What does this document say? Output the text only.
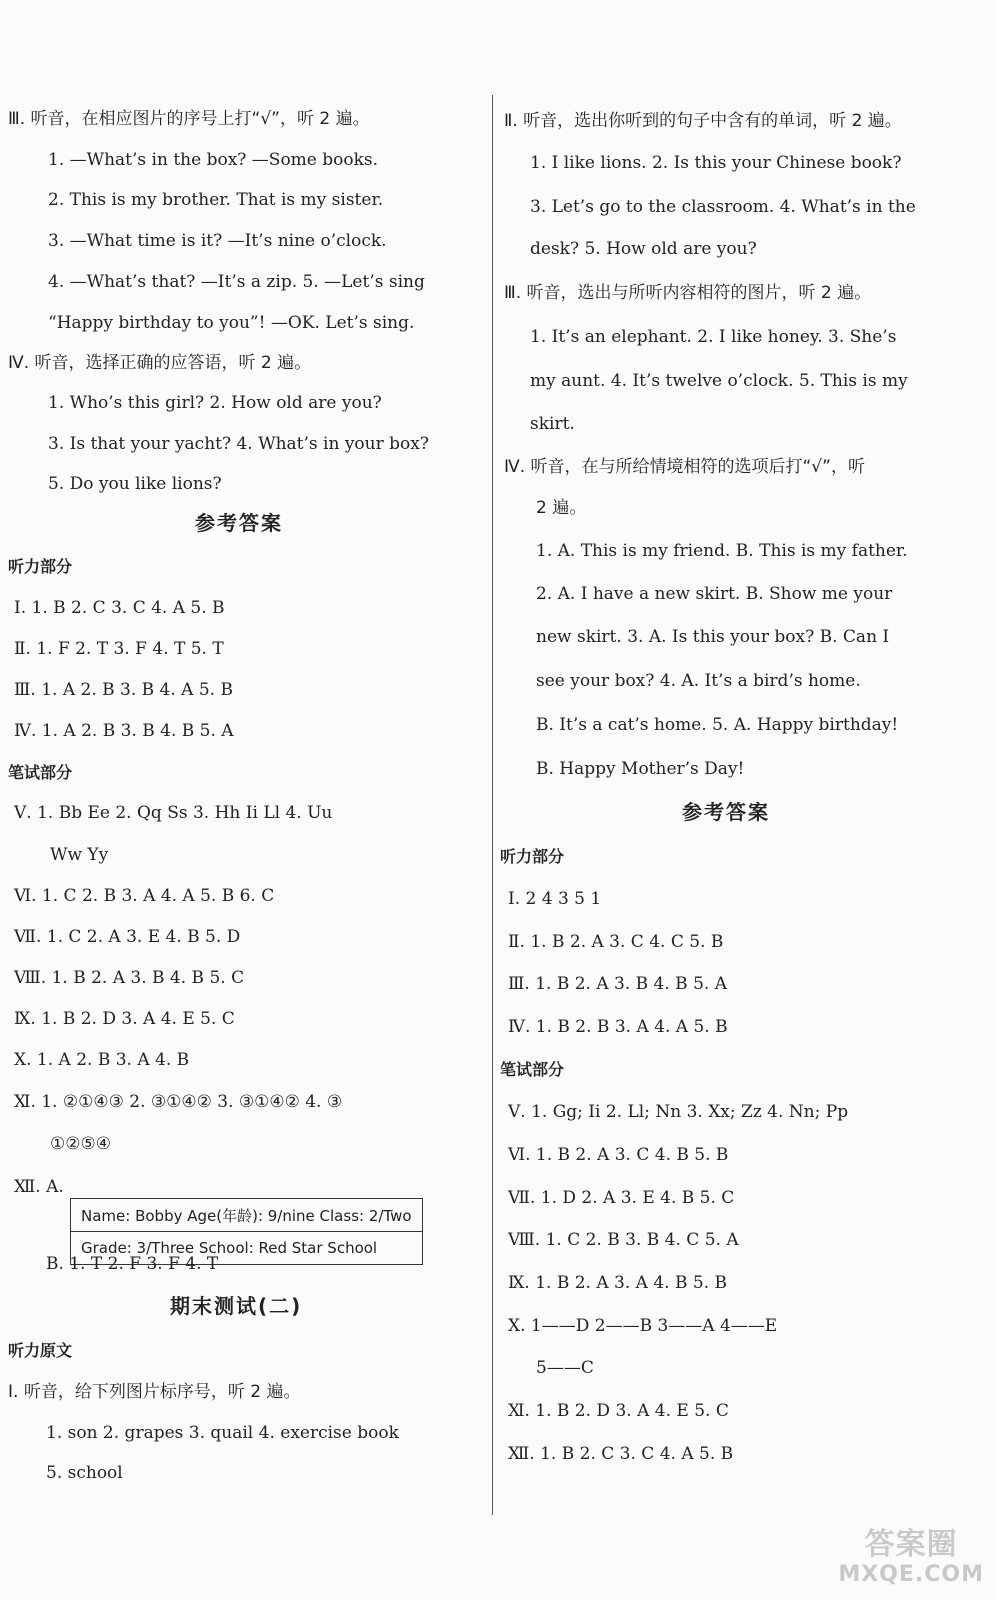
Ⅲ. 听音，在相应图片的序号上打“√”，听 2 遍。
1. —What’s in the box? —Some books.
2. This is my brother. That is my sister.
3. —What time is it? —It’s nine o’clock.
4. —What’s that? —It’s a zip. 5. —Let’s sing
“Happy birthday to you”! —OK. Let’s sing.
Ⅳ. 听音，选择正确的应答语，听 2 遍。
1. Who’s this girl? 2. How old are you?
3. Is that your yacht? 4. What’s in your box?
5. Do you like lions?
参考答案
听力部分
Ⅰ. 1. B 2. C 3. C 4. A 5. B
Ⅱ. 1. F 2. T 3. F 4. T 5. T
Ⅲ. 1. A 2. B 3. B 4. A 5. B
Ⅳ. 1. A 2. B 3. B 4. B 5. A
笔试部分
Ⅴ. 1. Bb Ee 2. Qq Ss 3. Hh Ii Ll 4. Uu
Ww Yy
Ⅵ. 1. C 2. B 3. A 4. A 5. B 6. C
Ⅶ. 1. C 2. A 3. E 4. B 5. D
Ⅷ. 1. B 2. A 3. B 4. B 5. C
Ⅸ. 1. B 2. D 3. A 4. E 5. C
Ⅹ. 1. A 2. B 3. A 4. B
Ⅺ. 1. ②①④③ 2. ③①④② 3. ③①④② 4. ③
①②⑤④
Ⅻ. A.
Name: Bobby Age(年龄): 9/nine Class: 2/Two
Grade: 3/Three School: Red Star School
B. 1. T 2. F 3. F 4. T
期末测试(二)
听力原文
Ⅰ. 听音，给下列图片标序号，听 2 遍。
1. son 2. grapes 3. quail 4. exercise book
5. school
Ⅱ. 听音，选出你听到的句子中含有的单词，听 2 遍。
1. I like lions. 2. Is this your Chinese book?
3. Let’s go to the classroom. 4. What’s in the
desk? 5. How old are you?
Ⅲ. 听音，选出与所听内容相符的图片，听 2 遍。
1. It’s an elephant. 2. I like honey. 3. She’s
my aunt. 4. It’s twelve o’clock. 5. This is my
skirt.
Ⅳ. 听音，在与所给情境相符的选项后打“√”，听
2 遍。
1. A. This is my friend. B. This is my father.
2. A. I have a new skirt. B. Show me your
new skirt. 3. A. Is this your box? B. Can I
see your box? 4. A. It’s a bird’s home.
B. It’s a cat’s home. 5. A. Happy birthday!
B. Happy Mother’s Day!
参考答案
听力部分
Ⅰ. 2 4 3 5 1
Ⅱ. 1. B 2. A 3. C 4. C 5. B
Ⅲ. 1. B 2. A 3. B 4. B 5. A
Ⅳ. 1. B 2. B 3. A 4. A 5. B
笔试部分
Ⅴ. 1. Gg; Ii 2. Ll; Nn 3. Xx; Zz 4. Nn; Pp
Ⅵ. 1. B 2. A 3. C 4. B 5. B
Ⅶ. 1. D 2. A 3. E 4. B 5. C
Ⅷ. 1. C 2. B 3. B 4. C 5. A
Ⅸ. 1. B 2. A 3. A 4. B 5. B
Ⅹ. 1——D 2——B 3——A 4——E
5——C
Ⅺ. 1. B 2. D 3. A 4. E 5. C
Ⅻ. 1. B 2. C 3. C 4. A 5. B
答案圈
MXQE.COM
